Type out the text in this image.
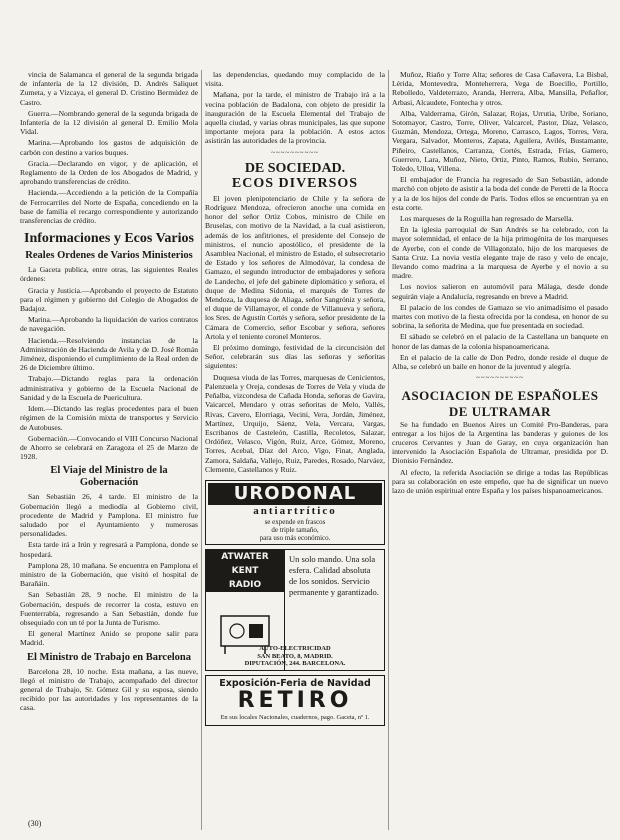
vincia de Salamanca el general de la segunda brigada de infantería de la 12 división, D. Andrés Saliquet Zumeta, y a Vizcaya, el general D. Cristino Bermúdez de Castro.

Guerra.—Nombrando general de la segunda brigada de Infantería de la 12 división al general D. Emilio Mola Vidal.

Marina.—Aprobando los gastos de adquisición de carbón con destino a varios buques.

Gracia.—Declarando en vigor, y de aplicación, el Reglamento de la Orden de los Abogados de Madrid, y aprobando transferencias de crédito.

Hacienda.—Accediendo a la petición de la Compañía de Ferrocarriles del Norte de España, concediendo en la base de familia el recargo correspondiente y autorizando transferencias de crédito.

Informaciones y Ecos Varios
Reales Ordenes de Varios Ministerios

La Gaceta publica, entre otras, las siguientes Reales órdenes:

Gracia y Justicia.—Aprobando el proyecto de Estatuto para el régimen y gobierno del Colegio de Abogados de Badajoz.

Marina.—Aprobando la liquidación de varios contratos de navegación.

Hacienda.—Resolviendo instancias de la Administración de Hacienda de Avila y de D. José Román Jiménez, disponiendo el cumplimiento de la Real orden de 26 de Diciembre último.

Trabajo.—Dictando reglas para la ordenación administrativa y gobierno de la Escuela Nacional de Sanidad y de la Escuela de Puericultura.

Idem.—Dictando las reglas procedentes para el buen régimen de la Comisión mixta de transportes y Servicio de Autobuses.

Gobernación.—Convocando el VIII Concurso Nacional de Ahorro se celebrará en Zaragoza el 25 de Marzo de 1928.

El Viaje del Ministro de la Gobernación

San Sebastián 26, 4 tarde. El ministro de la Gobernación llegó a mediodía al Gobierno civil, procedente de Madrid y Pamplona. El ministro fue saludado por el Ayuntamiento y numerosas personalidades.

Esta tarde irá a Irún y regresará a Pamplona, donde se hospedará.

Pamplona 28, 10 mañana. Se encuentra en Pamplona el ministro de la Gobernación, que visitó el hospital de Barañáin.

San Sebastián 28, 9 noche. El ministro de la Gobernación, después de recorrer la costa, estuvo en Fuenterrabía, regresando a San Sebastián, donde fue obsequiado con un té por la Junta de Turismo.

El general Martínez Anido se propone salir para Madrid.

El Ministro de Trabajo en Barcelona

Barcelona 28, 10 noche. Esta mañana, a las nueve, llegó el ministro de Trabajo, acompañado del director general de Trabajo, Sr. Gómez Gil y su esposa, siendo recibido por las autoridades y los representantes de la casa.

las dependencias, quedando muy complacido de la visita.

Mañana, por la tarde, el ministro de Trabajo irá a la vecina población de Badalona, con objeto de presidir la inauguración de la Escuela Elemental del Trabajo de aquella ciudad, y varias obras municipales, las que supone importante mejora para la población. A estos actos asistirán las autoridades de la provincia.

~~~~~~~~~~
DE SOCIEDAD.
ECOS DIVERSOS

El joven plenipotenciario de Chile y la señora de Rodríguez Mendoza, ofrecieron anoche una comida en honor del señor Ortiz Cobos, ministro de Chile en Bruselas, con motivo de la Navidad, a la cual asistieron, además de los anfitriones, el presidente del Consejo de ministros, el nuncio apostólico, el presidente de la Asamblea Nacional, el ministro de Estado, el subsecretario de Estado y los señores de Almodóvar, la condesa de Gamazo, el segundo introductor de embajadores y señora de Landecho, el jefe del gabinete diplomático y señora, el duque de Medina Sidonia, el marqués de Torres de Mendoza, la duquesa de Aliaga, señor Sangróniz y señora, el duque de Villamayor, el conde de Villanueva y señora, los Sres. de Agustín Cortés y señora, señor presidente de la Cámara de Comercio, señor Escobar y señora, señores Artola y el teniente coronel Monteros.

El próximo domingo, festividad de la circuncisión del Señor, celebrarán sus días las señoras y señoritas siguientes:

Duquesa viuda de las Torres, marquesas de Cenicientos, Palenzuela y Oreja, condesas de Torres de Vela y viuda de Peñalba, vizcondesa de Cañada Honda, señoras de Gavira, Vaicarcel, Mendaro y otras señoritas de Melo, Vallés, Rivas, Cavero, Elorriaga, Vecini, Vera, Jordán, Jiménez, Martínez, Urquijo, Sáenz, Vela, Vercara, Vargas, Escribanos de Casteleón, Castilla, Recoletos, Salazar, Ordóñez, Velasco, Vigón, Ruiz, Arce, Gómez, Moreno, Torres, Acebal, Díaz del Arco, Vigo, Finat, Anglada, Zamora, Saldaña, Vallejo, Ruiz, Paredes, Rosado, Narváez, Clemente, Castellanos y Ruiz.

URODONAL
antiartrítico
se expende en frascos
de triple tamaño,
para uso más económico.
ATWATER
KENT
RADIO
Un solo mando. Una sola esfera. Calidad absoluta de los sonidos. Servicio permanente y garantizado.
AUTO-ELECTRICIDAD
SAN BEATO, 8, MADRID.
DIPUTACIÓN, 244. BARCELONA.
Exposición-Feria de Navidad
RETIRO
En sus locales Nacionales, cuadernos, pago. Gaceta, nº 1.

Muñoz, Riaño y Torre Alta; señores de Casa Cañavera, La Bisbal, Lérida, Montevedra, Monteherrera, Vega de Boecillo, Portillo, Rebolledo, Valdeterrazo, Aranda, Herrera, Alba, Mansilla, Peñaflor, Arbasi, Alcaudete, Fontecha y otros.

Alba, Valderrama, Girón, Salazar, Rojas, Urrutia, Uribe, Soriano, Sotomayor, Castro, Torre, Oliver, Valcarcel, Pastor, Díaz, Velasco, Guzmán, Mendoza, Ortega, Moreno, Carrasco, Lagos, Torres, Vera, Vergara, Salvador, Monteros, Zapata, Aguilera, Avilés, Bustamante, Piñeiro, Castellanos, Carranza, Cortés, Estrada, Frías, Gamero, Guerrero, Lara, Muñoz, Nieto, Ortiz, Pinto, Ramos, Rubio, Serrano, Toledo, Ulloa, Villena.

El embajador de Francia ha regresado de San Sebastián, adonde marchó con objeto de asistir a la boda del conde de Peretti de la Rocca y a la de los hijos del conde de Paris. Todos ellos se encuentran ya en esta corte.

Los marqueses de la Roguilla han regresado de Marsella.

En la iglesia parroquial de San Andrés se ha celebrado, con la mayor solemnidad, el enlace de la hija primogénita de los marqueses de Ayerbe, con el conde de Villagonzalo, hijo de los marqueses de Santa Cruz. La novia vestía elegante traje de raso y velo de encaje, llevando como madrina a la marquesa de Ayerbe y el novio a su madre.

Los novios salieron en automóvil para Málaga, desde donde seguirán viaje a Andalucía, regresando en breve a Madrid.

El palacio de los condes de Gamazo se vio animadísimo el pasado martes con motivo de la fiesta ofrecida por la condesa, en honor de su sobrina, la señorita de Medina, que fue presentada en sociedad.

El sábado se celebró en el palacio de la Castellana un banquete en honor de las damas de la colonia hispanoamericana.

En el palacio de la calle de Don Pedro, donde reside el duque de Alba, se celebró un baile en honor de la juventud y alegría.

~~~~~~~~~~
ASOCIACION DE ESPAÑOLES DE ULTRAMAR

Se ha fundado en Buenos Aires un Comité Pro-Banderas, para entregar a los hijos de la Argentina las banderas y guiones de los cruceros Cervantes y Juan de Garay, en cuya organización han intervenido la Asociación Española de Ultramar, presidida por D. Dionisio Fernández.

Al efecto, la referida Asociación se dirige a todas las Repúblicas para su colaboración en este empeño, que ha de significar un nuevo lazo de unión espiritual entre España y los países hispanoamericanos.

(30)
